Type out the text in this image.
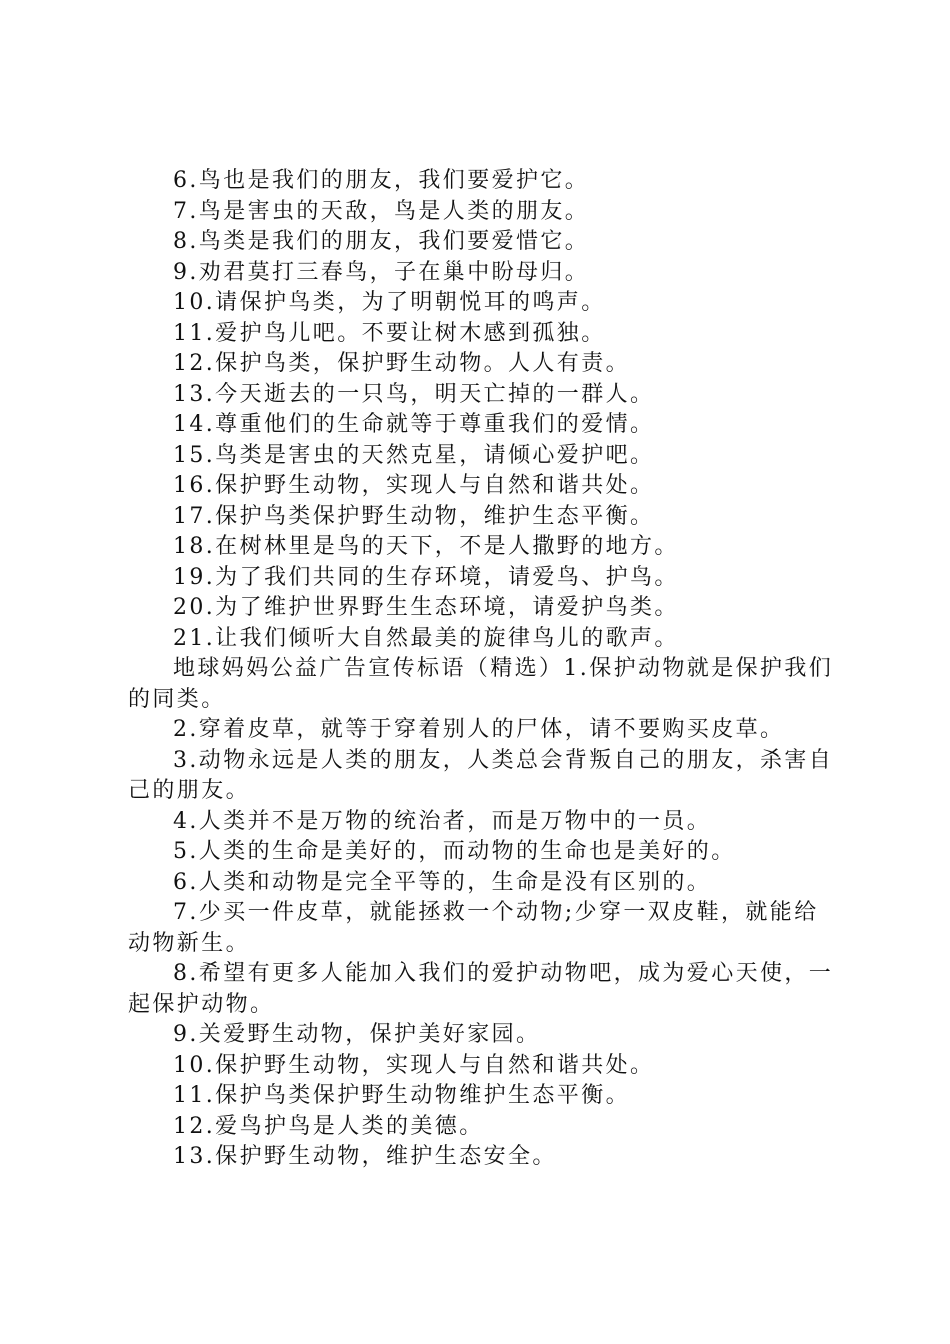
6.鸟也是我们的朋友，我们要爱护它。

7.鸟是害虫的天敌，鸟是人类的朋友。

8.鸟类是我们的朋友，我们要爱惜它。

9.劝君莫打三春鸟，子在巢中盼母归。

10.请保护鸟类，为了明朝悦耳的鸣声。

11.爱护鸟儿吧。不要让树木感到孤独。

12.保护鸟类，保护野生动物。人人有责。

13.今天逝去的一只鸟，明天亡掉的一群人。

14.尊重他们的生命就等于尊重我们的爱情。

15.鸟类是害虫的天然克星，请倾心爱护吧。

16.保护野生动物，实现人与自然和谐共处。

17.保护鸟类保护野生动物，维护生态平衡。

18.在树林里是鸟的天下，不是人撒野的地方。

19.为了我们共同的生存环境，请爱鸟、护鸟。

20.为了维护世界野生生态环境，请爱护鸟类。

21.让我们倾听大自然最美的旋律鸟儿的歌声。

地球妈妈公益广告宣传标语（精选）1.保护动物就是保护我们的同类。

2.穿着皮草，就等于穿着别人的尸体，请不要购买皮草。

3.动物永远是人类的朋友，人类总会背叛自己的朋友，杀害自己的朋友。

4.人类并不是万物的统治者，而是万物中的一员。

5.人类的生命是美好的，而动物的生命也是美好的。

6.人类和动物是完全平等的，生命是没有区别的。

7.少买一件皮草，就能拯救一个动物;少穿一双皮鞋，就能给动物新生。

8.希望有更多人能加入我们的爱护动物吧，成为爱心天使，一起保护动物。

9.关爱野生动物，保护美好家园。

10.保护野生动物，实现人与自然和谐共处。

11.保护鸟类保护野生动物维护生态平衡。

12.爱鸟护鸟是人类的美德。

13.保护野生动物，维护生态安全。
